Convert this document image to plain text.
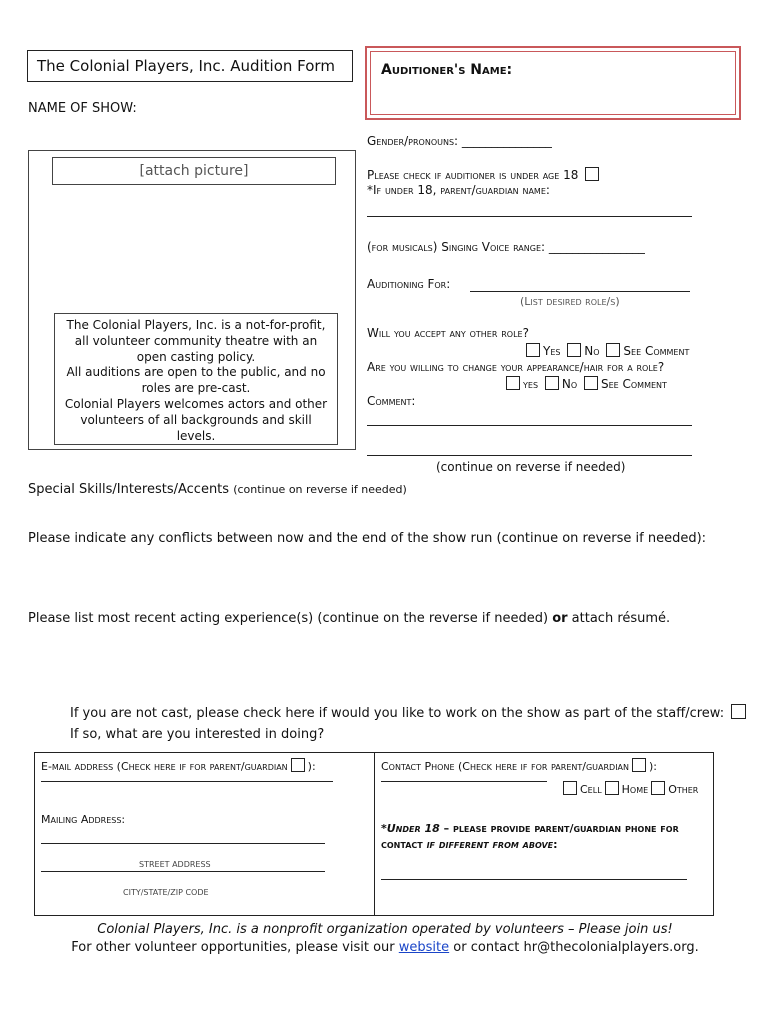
The Colonial Players, Inc. Audition Form	Auditioner's Name:
NAME OF SHOW:
[attach picture]
The Colonial Players, Inc. is a not-for-profit,
all volunteer community theatre with an
open casting policy.
All auditions are open to the public, and no
roles are pre-cast.
Colonial Players welcomes actors and other
volunteers of all backgrounds and skill
levels.
Gender/pronouns: _______________
Please check if auditioner is under age 18
*If under 18, parent/guardian name:
(for musicals) Singing Voice range: ________________
Auditioning For:
(List desired role/s)
Will you accept any other role?
Yes No See Comment
Are you willing to change your appearance/hair for a role?
yes No See Comment
Comment:
(continue on reverse if needed)
Special Skills/Interests/Accents (continue on reverse if needed)
Please indicate any conflicts between now and the end of the show run (continue on reverse if needed):
Please list most recent acting experience(s) (continue on the reverse if needed) or attach résumé.
If you are not cast, please check here if would you like to work on the show as part of the staff/crew:
If so, what are you interested in doing?
E-mail address (Check here if for parent/guardian ):
Mailing Address:
STREET ADDRESS
CITY/STATE/ZIP CODE
Contact Phone (Check here if for parent/guardian ):
Cell Home Other
*Under 18 – please provide parent/guardian phone for
contact if different from above:
Colonial Players, Inc. is a nonprofit organization operated by volunteers – Please join us!
For other volunteer opportunities, please visit our website or contact hr@thecolonialplayers.org.
